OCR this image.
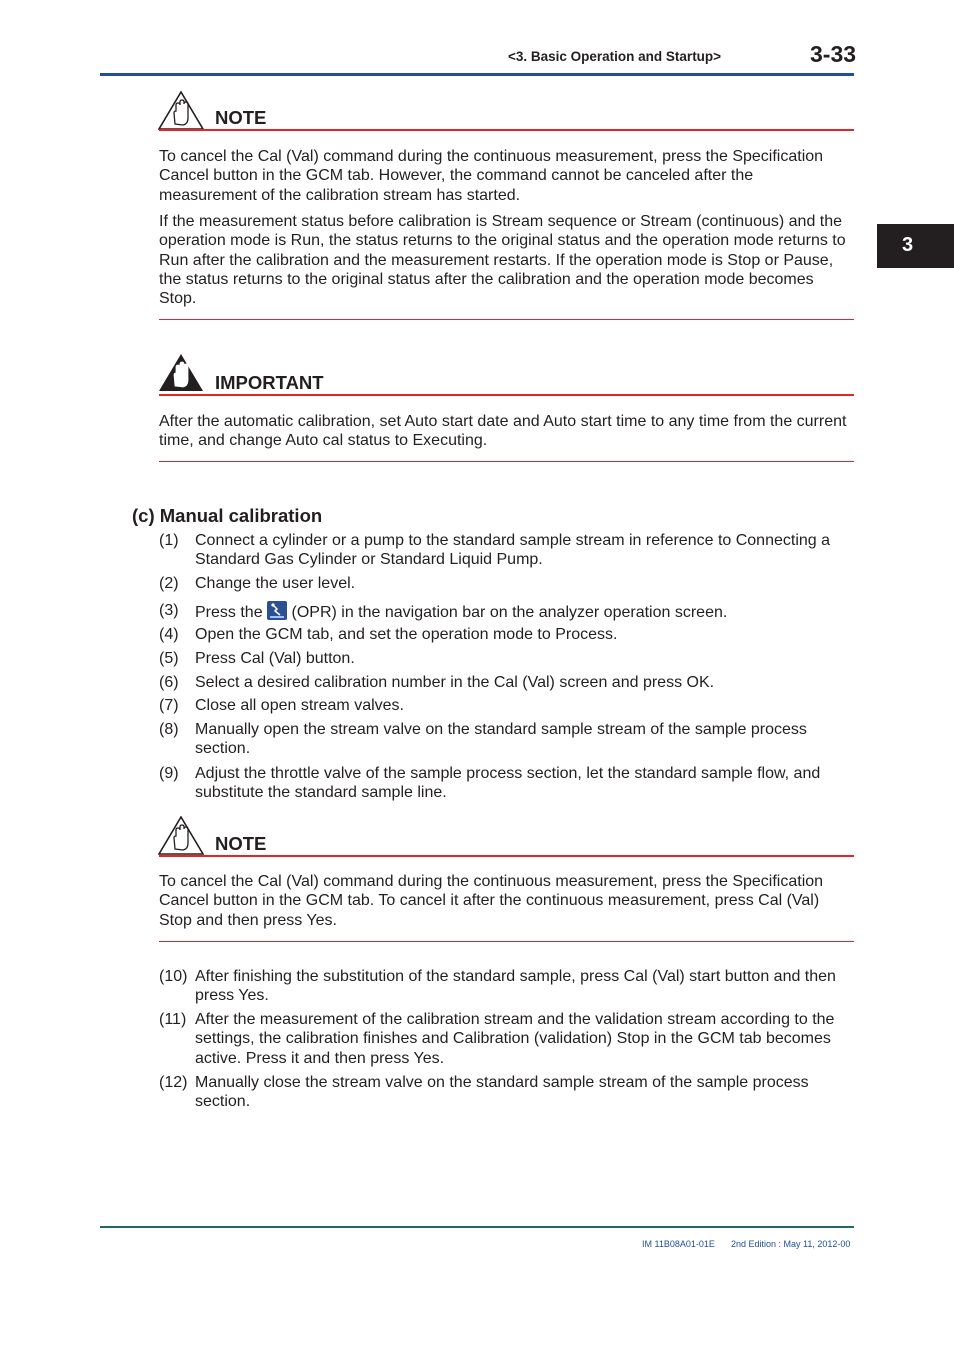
<3. Basic Operation and Startup>	3-33
3
NOTE
To cancel the Cal (Val) command during the continuous measurement, press the Specification Cancel button in the GCM tab. However, the command cannot be canceled after the measurement of the calibration stream has started.
If the measurement status before calibration is Stream sequence or Stream (continuous) and the operation mode is Run, the status returns to the original status and the operation mode returns to Run after the calibration and the measurement restarts. If the operation mode is Stop or Pause, the status returns to the original status after the calibration and the operation mode becomes Stop.
IMPORTANT
After the automatic calibration, set Auto start date and Auto start time to any time from the current time, and change Auto cal status to Executing.
(c) Manual calibration
(1) Connect a cylinder or a pump to the standard sample stream in reference to Connecting a Standard Gas Cylinder or Standard Liquid Pump.
(2) Change the user level.
(3) Press the (OPR) in the navigation bar on the analyzer operation screen.
(4) Open the GCM tab, and set the operation mode to Process.
(5) Press Cal (Val) button.
(6) Select a desired calibration number in the Cal (Val) screen and press OK.
(7) Close all open stream valves.
(8) Manually open the stream valve on the standard sample stream of the sample process section.
(9) Adjust the throttle valve of the sample process section, let the standard sample flow, and substitute the standard sample line.
NOTE
To cancel the Cal (Val) command during the continuous measurement, press the Specification Cancel button in the GCM tab. To cancel it after the continuous measurement, press Cal (Val) Stop and then press Yes.
(10) After finishing the substitution of the standard sample, press Cal (Val) start button and then press Yes.
(11) After the measurement of the calibration stream and the validation stream according to the settings, the calibration finishes and Calibration (validation) Stop in the GCM tab becomes active. Press it and then press Yes.
(12) Manually close the stream valve on the standard sample stream of the sample process section.
IM 11B08A01-01E 2nd Edition : May 11, 2012-00
